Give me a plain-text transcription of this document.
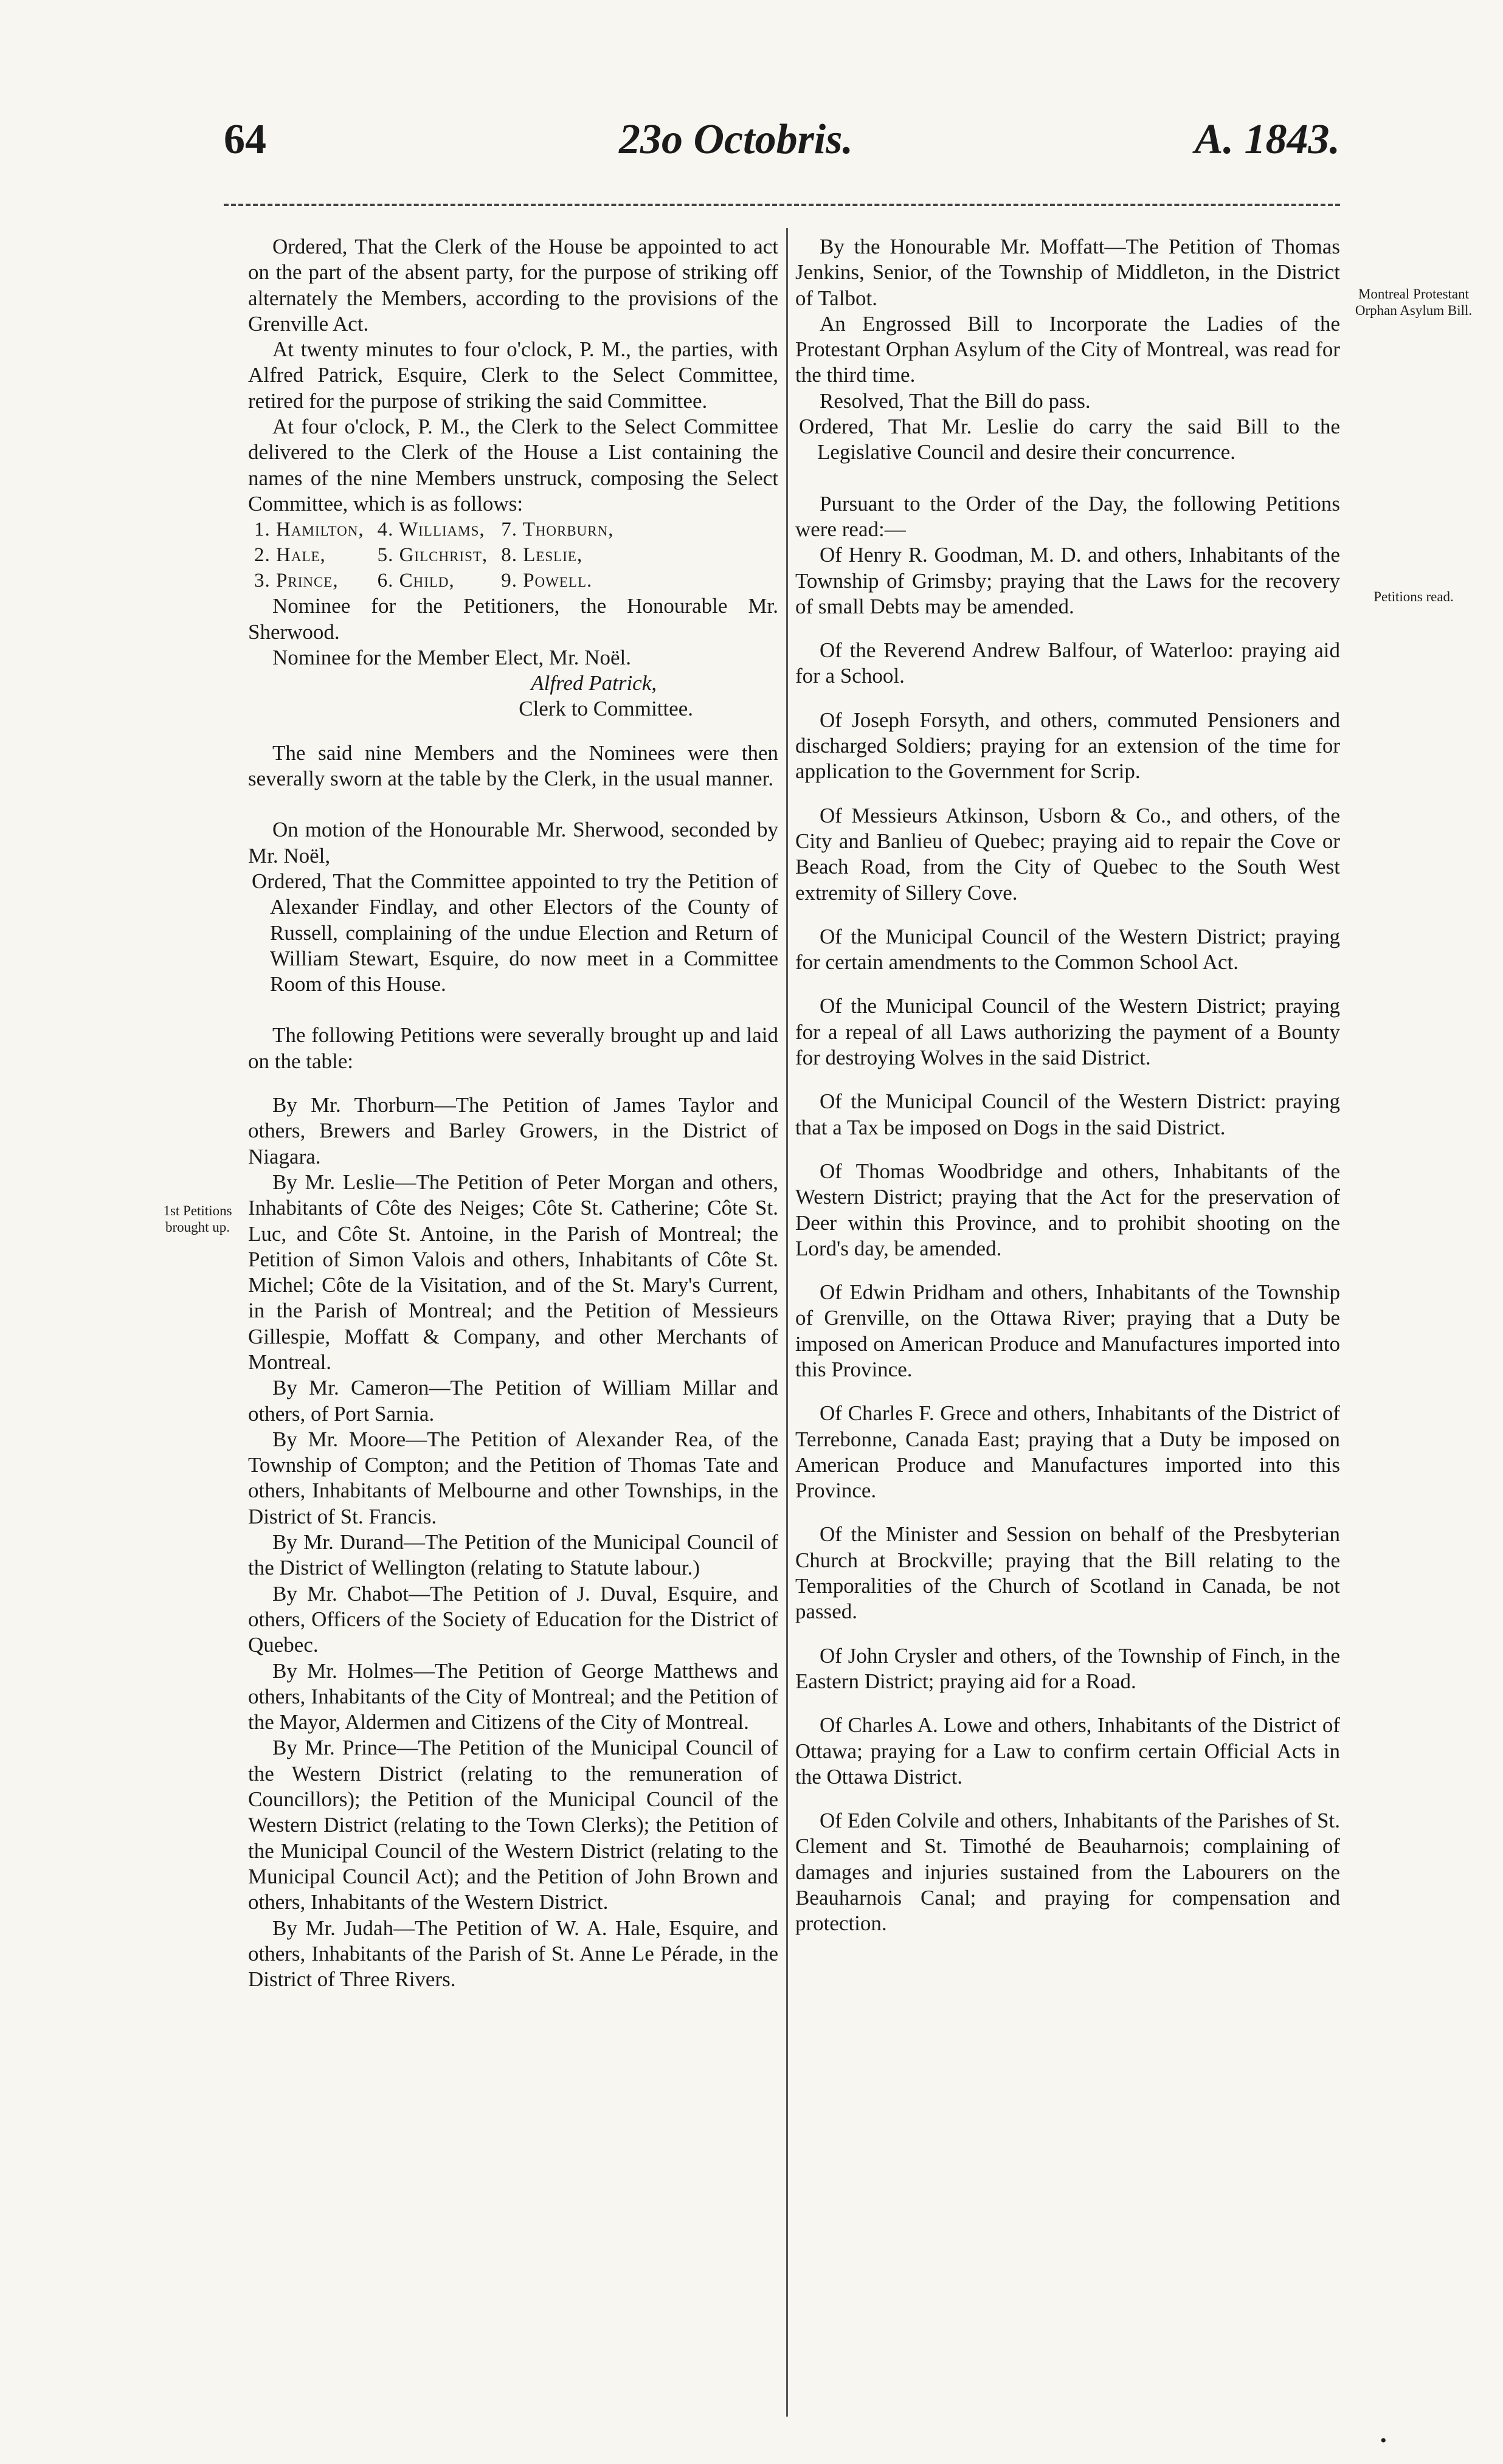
64	23o Octobris.	A. 1843.
1st Petitions brought up.
Montreal Protestant Orphan Asylum Bill.
Petitions read.

Ordered, That the Clerk of the House be appointed to act on the part of the absent party, for the purpose of striking off alternately the Members, according to the provisions of the Grenville Act.

At twenty minutes to four o'clock, P. M., the parties, with Alfred Patrick, Esquire, Clerk to the Select Committee, retired for the purpose of striking the said Committee.

At four o'clock, P. M., the Clerk to the Select Committee delivered to the Clerk of the House a List containing the names of the nine Members unstruck, composing the Select Committee, which is as follows:

1. Hamilton,	4. Williams,	7. Thorburn,
2. Hale,	5. Gilchrist,	8. Leslie,
3. Prince,	6. Child,	9. Powell.

Nominee for the Petitioners, the Honourable Mr. Sherwood.

Nominee for the Member Elect, Mr. Noël.

Alfred Patrick,

Clerk to Committee.

The said nine Members and the Nominees were then severally sworn at the table by the Clerk, in the usual manner.

On motion of the Honourable Mr. Sherwood, seconded by Mr. Noël,

Ordered, That the Committee appointed to try the Petition of Alexander Findlay, and other Electors of the County of Russell, complaining of the undue Election and Return of William Stewart, Esquire, do now meet in a Committee Room of this House.

The following Petitions were severally brought up and laid on the table:

By Mr. Thorburn—The Petition of James Taylor and others, Brewers and Barley Growers, in the District of Niagara.

By Mr. Leslie—The Petition of Peter Morgan and others, Inhabitants of Côte des Neiges; Côte St. Catherine; Côte St. Luc, and Côte St. Antoine, in the Parish of Montreal; the Petition of Simon Valois and others, Inhabitants of Côte St. Michel; Côte de la Visitation, and of the St. Mary's Current, in the Parish of Montreal; and the Petition of Messieurs Gillespie, Moffatt & Company, and other Merchants of Montreal.

By Mr. Cameron—The Petition of William Millar and others, of Port Sarnia.

By Mr. Moore—The Petition of Alexander Rea, of the Township of Compton; and the Petition of Thomas Tate and others, Inhabitants of Melbourne and other Townships, in the District of St. Francis.

By Mr. Durand—The Petition of the Municipal Council of the District of Wellington (relating to Statute labour.)

By Mr. Chabot—The Petition of J. Duval, Esquire, and others, Officers of the Society of Education for the District of Quebec.

By Mr. Holmes—The Petition of George Matthews and others, Inhabitants of the City of Montreal; and the Petition of the Mayor, Aldermen and Citizens of the City of Montreal.

By Mr. Prince—The Petition of the Municipal Council of the Western District (relating to the remuneration of Councillors); the Petition of the Municipal Council of the Western District (relating to the Town Clerks); the Petition of the Municipal Council of the Western District (relating to the Municipal Council Act); and the Petition of John Brown and others, Inhabitants of the Western District.

By Mr. Judah—The Petition of W. A. Hale, Esquire, and others, Inhabitants of the Parish of St. Anne Le Pérade, in the District of Three Rivers.

By the Honourable Mr. Moffatt—The Petition of Thomas Jenkins, Senior, of the Township of Middleton, in the District of Talbot.

An Engrossed Bill to Incorporate the Ladies of the Protestant Orphan Asylum of the City of Montreal, was read for the third time.

Resolved, That the Bill do pass.

Ordered, That Mr. Leslie do carry the said Bill to the Legislative Council and desire their concurrence.

Pursuant to the Order of the Day, the following Petitions were read:—

Of Henry R. Goodman, M. D. and others, Inhabitants of the Township of Grimsby; praying that the Laws for the recovery of small Debts may be amended.

Of the Reverend Andrew Balfour, of Waterloo: praying aid for a School.

Of Joseph Forsyth, and others, commuted Pensioners and discharged Soldiers; praying for an extension of the time for application to the Government for Scrip.

Of Messieurs Atkinson, Usborn & Co., and others, of the City and Banlieu of Quebec; praying aid to repair the Cove or Beach Road, from the City of Quebec to the South West extremity of Sillery Cove.

Of the Municipal Council of the Western District; praying for certain amendments to the Common School Act.

Of the Municipal Council of the Western District; praying for a repeal of all Laws authorizing the payment of a Bounty for destroying Wolves in the said District.

Of the Municipal Council of the Western District: praying that a Tax be imposed on Dogs in the said District.

Of Thomas Woodbridge and others, Inhabitants of the Western District; praying that the Act for the preservation of Deer within this Province, and to prohibit shooting on the Lord's day, be amended.

Of Edwin Pridham and others, Inhabitants of the Township of Grenville, on the Ottawa River; praying that a Duty be imposed on American Produce and Manufactures imported into this Province.

Of Charles F. Grece and others, Inhabitants of the District of Terrebonne, Canada East; praying that a Duty be imposed on American Produce and Manufactures imported into this Province.

Of the Minister and Session on behalf of the Presbyterian Church at Brockville; praying that the Bill relating to the Temporalities of the Church of Scotland in Canada, be not passed.

Of John Crysler and others, of the Township of Finch, in the Eastern District; praying aid for a Road.

Of Charles A. Lowe and others, Inhabitants of the District of Ottawa; praying for a Law to confirm certain Official Acts in the Ottawa District.

Of Eden Colvile and others, Inhabitants of the Parishes of St. Clement and St. Timothé de Beauharnois; complaining of damages and injuries sustained from the Labourers on the Beauharnois Canal; and praying for compensation and protection.

•
